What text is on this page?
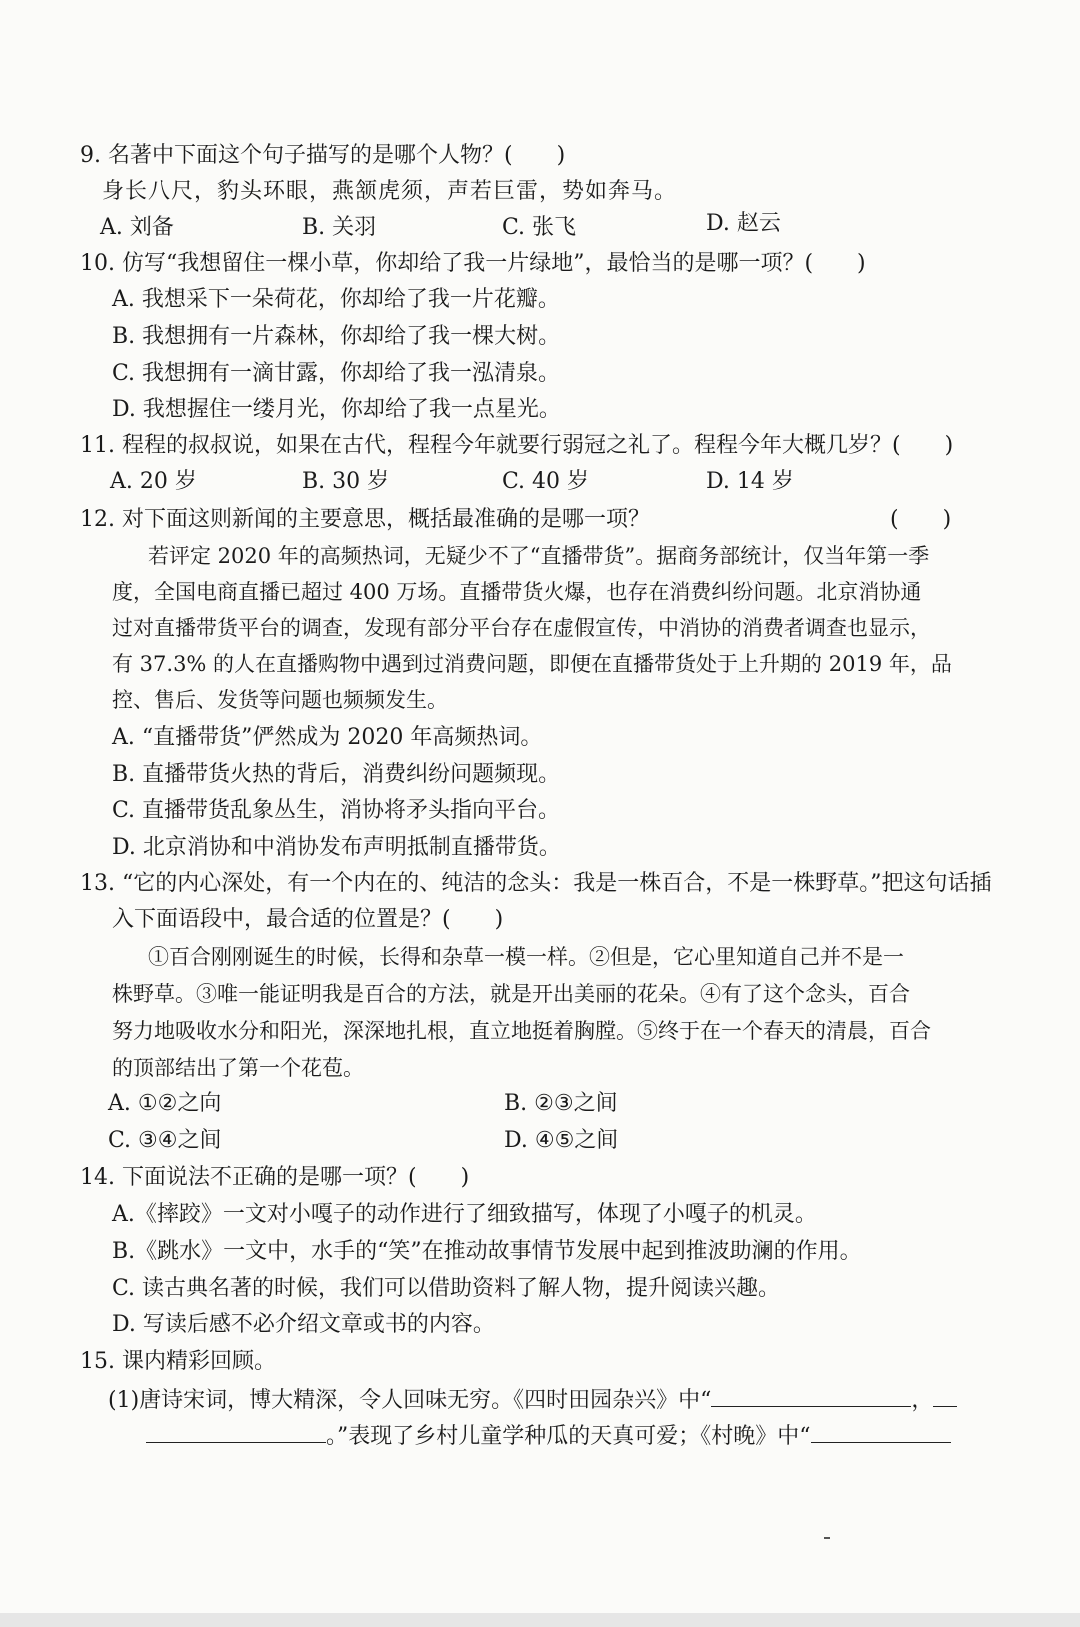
9. 名著中下面这个句子描写的是哪个人物？(　　)
身长八尺，豹头环眼，燕颔虎须，声若巨雷，势如奔马。
A. 刘备	B. 关羽	C. 张飞	D. 赵云
10. 仿写“我想留住一棵小草，你却给了我一片绿地”，最恰当的是哪一项？(　　)
A. 我想采下一朵荷花，你却给了我一片花瓣。
B. 我想拥有一片森林，你却给了我一棵大树。
C. 我想拥有一滴甘露，你却给了我一泓清泉。
D. 我想握住一缕月光，你却给了我一点星光。
11. 程程的叔叔说，如果在古代，程程今年就要行弱冠之礼了。程程今年大概几岁？(　　)
A. 20 岁	B. 30 岁	C. 40 岁	D. 14 岁
12. 对下面这则新闻的主要意思，概括最准确的是哪一项？	(　　)
若评定 2020 年的高频热词，无疑少不了“直播带货”。据商务部统计，仅当年第一季
度，全国电商直播已超过 400 万场。直播带货火爆，也存在消费纠纷问题。北京消协通
过对直播带货平台的调查，发现有部分平台存在虚假宣传，中消协的消费者调查也显示，
有 37.3% 的人在直播购物中遇到过消费问题，即便在直播带货处于上升期的 2019 年，品
控、售后、发货等问题也频频发生。
A. “直播带货”俨然成为 2020 年高频热词。
B. 直播带货火热的背后，消费纠纷问题频现。
C. 直播带货乱象丛生，消协将矛头指向平台。
D. 北京消协和中消协发布声明抵制直播带货。
13. “它的内心深处，有一个内在的、纯洁的念头：我是一株百合，不是一株野草。”把这句话插
入下面语段中，最合适的位置是？(　　)
①百合刚刚诞生的时候，长得和杂草一模一样。②但是，它心里知道自己并不是一
株野草。③唯一能证明我是百合的方法，就是开出美丽的花朵。④有了这个念头，百合
努力地吸收水分和阳光，深深地扎根，直立地挺着胸膛。⑤终于在一个春天的清晨，百合
的顶部结出了第一个花苞。
A. ①②之向	B. ②③之间
C. ③④之间	D. ④⑤之间
14. 下面说法不正确的是哪一项？(　　)
A.《摔跤》一文对小嘎子的动作进行了细致描写，体现了小嘎子的机灵。
B.《跳水》一文中，水手的“笑”在推动故事情节发展中起到推波助澜的作用。
C. 读古典名著的时候，我们可以借助资料了解人物，提升阅读兴趣。
D. 写读后感不必介绍文章或书的内容。
15. 课内精彩回顾。
(1)唐诗宋词，博大精深，令人回味无穷。《四时田园杂兴》中“	，
。”表现了乡村儿童学种瓜的天真可爱；《村晚》中“
